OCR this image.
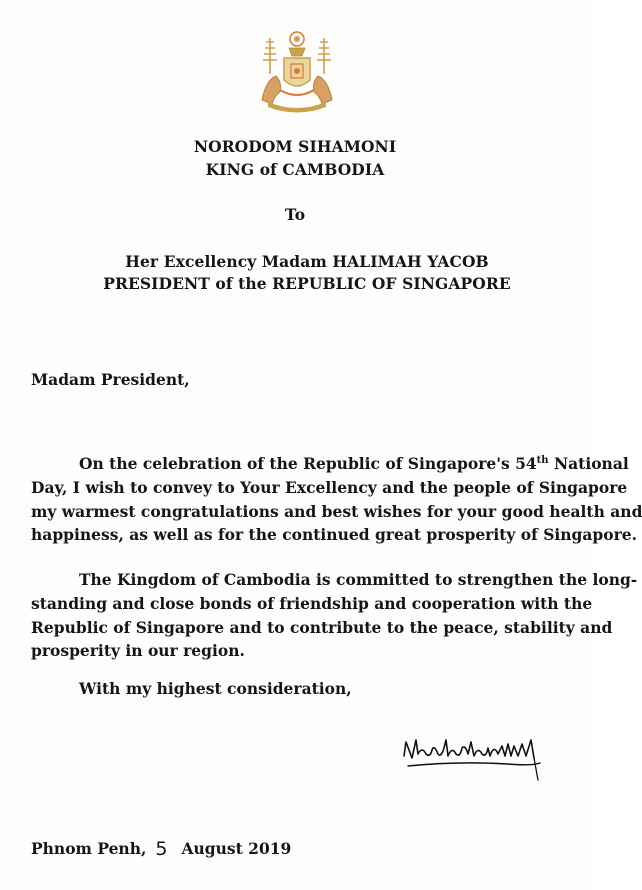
NORODOM SIHAMONI
KING of CAMBODIA
To
Her Excellency Madam HALIMAH YACOB
PRESIDENT of the REPUBLIC OF SINGAPORE
Madam President,
On the celebration of the Republic of Singapore's 54th National
Day, I wish to convey to Your Excellency and the people of Singapore
my warmest congratulations and best wishes for your good health and
happiness, as well as for the continued great prosperity of Singapore.
The Kingdom of Cambodia is committed to strengthen the long-
standing and close bonds of friendship and cooperation with the
Republic of Singapore and to contribute to the peace, stability and
prosperity in our region.
With my highest consideration,
Phnom Penh, 5 August 2019
